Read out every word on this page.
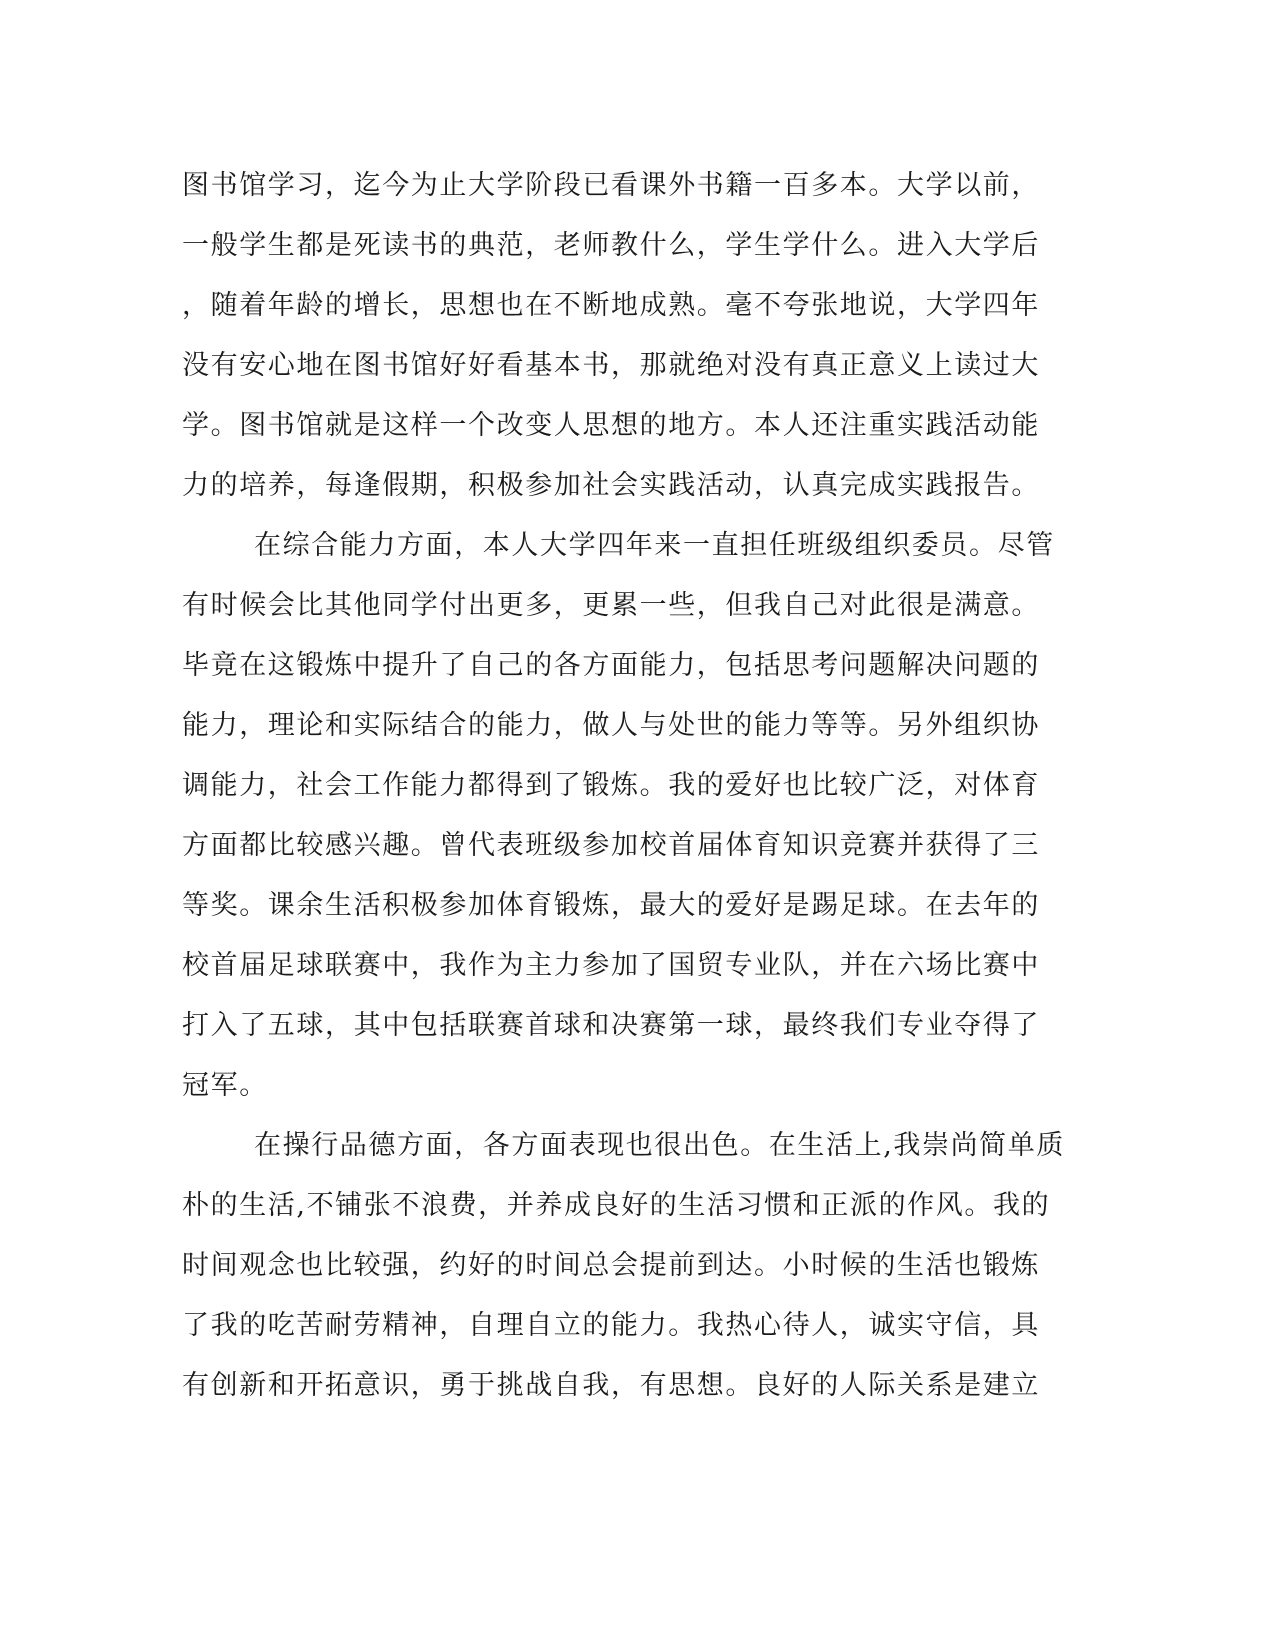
图书馆学习，迄今为止大学阶段已看课外书籍一百多本。大学以前，
一般学生都是死读书的典范，老师教什么，学生学什么。进入大学后
，随着年龄的增长，思想也在不断地成熟。毫不夸张地说，大学四年
没有安心地在图书馆好好看基本书，那就绝对没有真正意义上读过大
学。图书馆就是这样一个改变人思想的地方。本人还注重实践活动能
力的培养，每逢假期，积极参加社会实践活动，认真完成实践报告。
在综合能力方面，本人大学四年来一直担任班级组织委员。尽管
有时候会比其他同学付出更多，更累一些，但我自己对此很是满意。
毕竟在这锻炼中提升了自己的各方面能力，包括思考问题解决问题的
能力，理论和实际结合的能力，做人与处世的能力等等。另外组织协
调能力，社会工作能力都得到了锻炼。我的爱好也比较广泛，对体育
方面都比较感兴趣。曾代表班级参加校首届体育知识竞赛并获得了三
等奖。课余生活积极参加体育锻炼，最大的爱好是踢足球。在去年的
校首届足球联赛中，我作为主力参加了国贸专业队，并在六场比赛中
打入了五球，其中包括联赛首球和决赛第一球，最终我们专业夺得了
冠军。
在操行品德方面，各方面表现也很出色。在生活上,我崇尚简单质
朴的生活,不铺张不浪费，并养成良好的生活习惯和正派的作风。我的
时间观念也比较强，约好的时间总会提前到达。小时候的生活也锻炼
了我的吃苦耐劳精神，自理自立的能力。我热心待人，诚实守信，具
有创新和开拓意识，勇于挑战自我，有思想。良好的人际关系是建立
